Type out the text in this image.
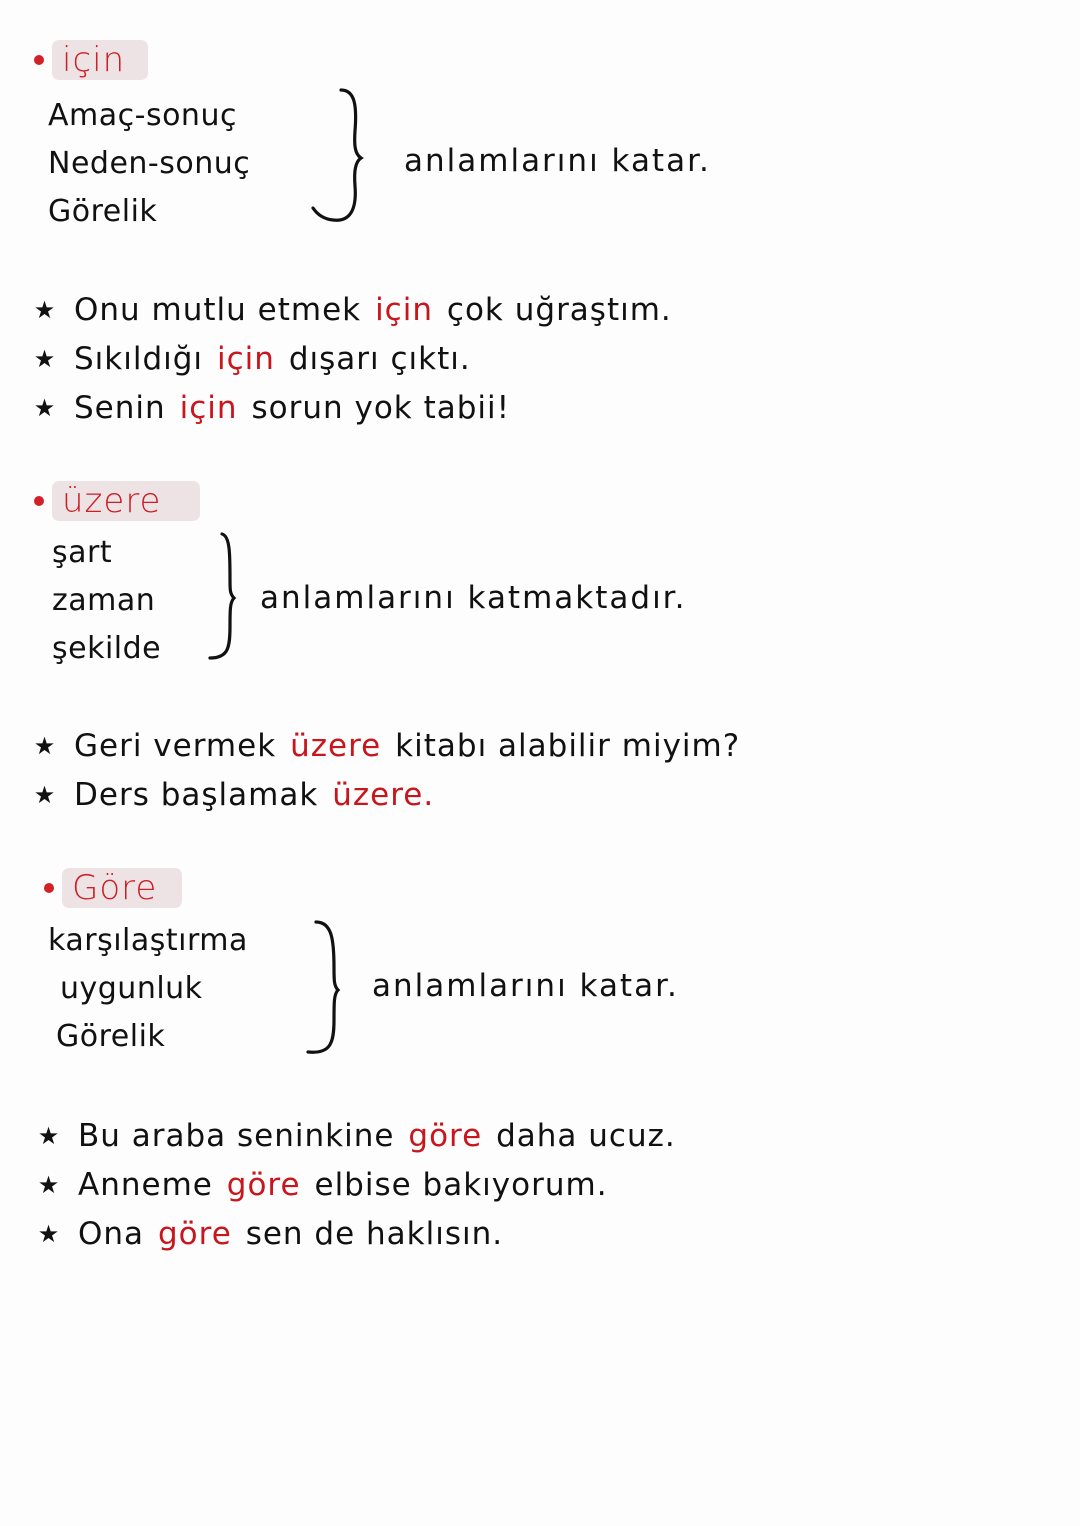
için
Amaç-sonuç
Neden-sonuç
Görelik
anlamlarını katar.
★ Onu mutlu etmek için çok uğraştım.
★ Sıkıldığı için dışarı çıktı.
★ Senin için sorun yok tabii!
üzere
şart
zaman
şekilde
anlamlarını katmaktadır.
★ Geri vermek üzere kitabı alabilir miyim?
★ Ders başlamak üzere .
Göre
karşılaştırma
uygunluk
Görelik
anlamlarını katar.
★ Bu araba seninkine göre daha ucuz.
★ Anneme göre elbise bakıyorum.
★ Ona göre sen de haklısın.
